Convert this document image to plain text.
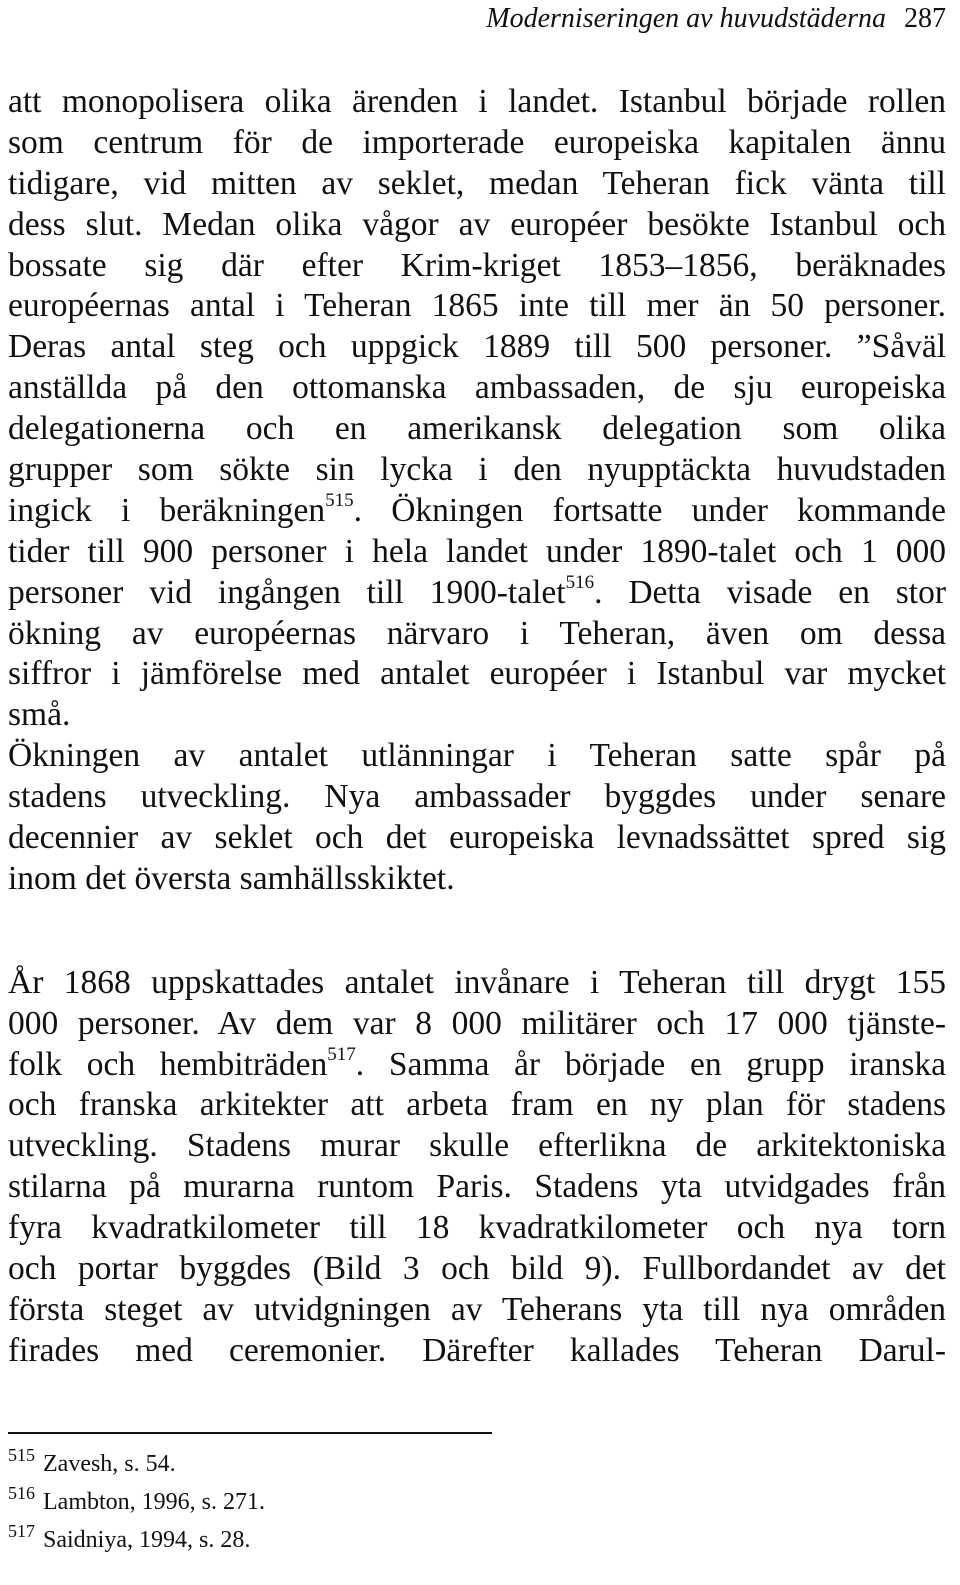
Moderniseringen av huvudstäderna 287
att monopolisera olika ärenden i landet. Istanbul började rollen
som centrum för de importerade europeiska kapitalen ännu
tidigare, vid mitten av seklet, medan Teheran fick vänta till
dess slut. Medan olika vågor av européer besökte Istanbul och
bossate sig där efter Krim-kriget 1853–1856, beräknades
européernas antal i Teheran 1865 inte till mer än 50 personer.
Deras antal steg och uppgick 1889 till 500 personer. ”Såväl
anställda på den ottomanska ambassaden, de sju europeiska
delegationerna och en amerikansk delegation som olika
grupper som sökte sin lycka i den nyupptäckta huvudstaden
ingick i beräkningen$^{515}$. Ökningen fortsatte under kommande
tider till 900 personer i hela landet under 1890-talet och 1 000
personer vid ingången till 1900-talet$^{516}$. Detta visade en stor
ökning av européernas närvaro i Teheran, även om dessa
siffror i jämförelse med antalet européer i Istanbul var mycket
små.
Ökningen av antalet utlänningar i Teheran satte spår på
stadens utveckling. Nya ambassader byggdes under senare
decennier av seklet och det europeiska levnadssättet spred sig
inom det översta samhällsskiktet.
År 1868 uppskattades antalet invånare i Teheran till drygt 155
000 personer. Av dem var 8 000 militärer och 17 000 tjänste-
folk och hembiträden$^{517}$. Samma år började en grupp iranska
och franska arkitekter att arbeta fram en ny plan för stadens
utveckling. Stadens murar skulle efterlikna de arkitektoniska
stilarna på murarna runtom Paris. Stadens yta utvidgades från
fyra kvadratkilometer till 18 kvadratkilometer och nya torn
och portar byggdes (Bild 3 och bild 9). Fullbordandet av det
första steget av utvidgningen av Teherans yta till nya områden
firades med ceremonier. Därefter kallades Teheran Darul-
$^{515}$ Zavesh, s. 54.
$^{516}$ Lambton, 1996, s. 271.
$^{517}$ Saidniya, 1994, s. 28.
